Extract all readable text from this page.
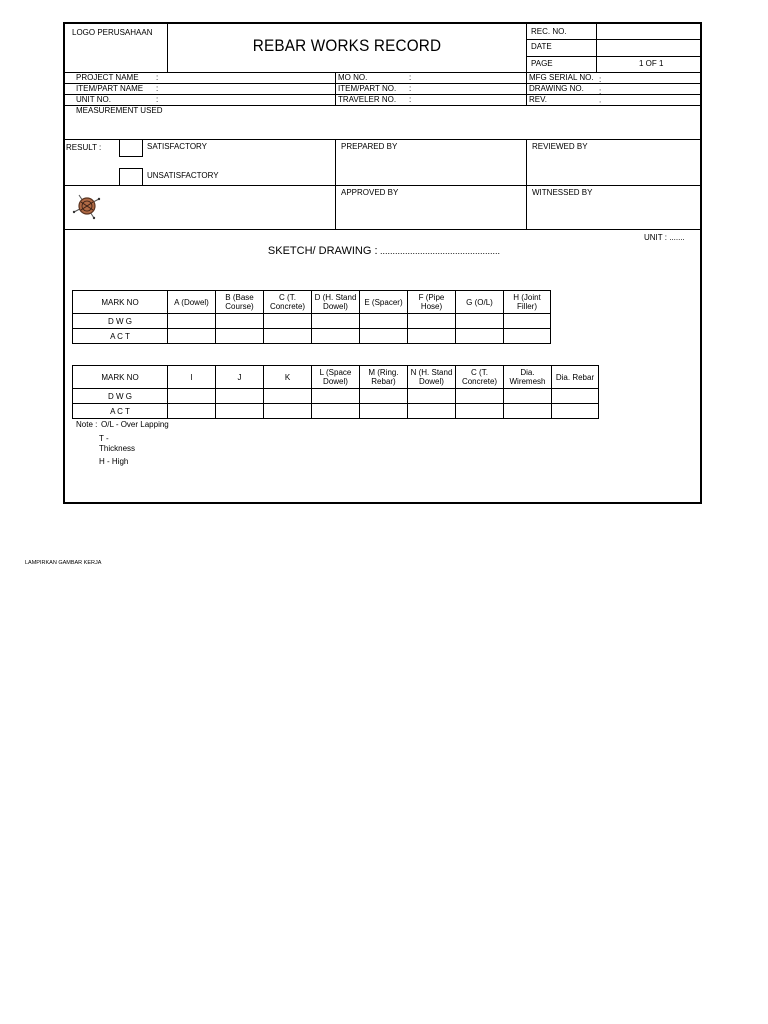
LOGO PERUSAHAAN
REBAR WORKS RECORD
REC. NO.
DATE
PAGE	1 OF 1
PROJECT NAME :
ITEM/PART NAME :
UNIT NO.	:
MEASUREMENT USED
MO NO.	:
ITEM/PART NO. :
TRAVELER NO. :
MFG SERIAL NO. :
DRAWING NO. :
REV.	:
RESULT :	SATISFACTORY
UNSATISFACTORY
PREPARED BY	REVIEWED BY
APPROVED BY	WITNESSED BY
UNIT : .......
SKETCH/ DRAWING : ................................................
MARK NO	A (Dowel)	B (Base Course)	C (T. Concrete)	D (H. Stand Dowel)	E (Spacer)	F (Pipe Hose)	G (O/L)	H (Joint Filler)
D W G								
A C T								
MARK NO	I	J	K	L (Space Dowel)	M (Ring. Rebar)	N (H. Stand Dowel)	C (T. Concrete)	Dia. Wiremesh	Dia. Rebar
D W G									
A C T									
Note : O/L - Over Lapping
T -
Thickness
H - High
LAMPIRKAN GAMBAR KERJA
